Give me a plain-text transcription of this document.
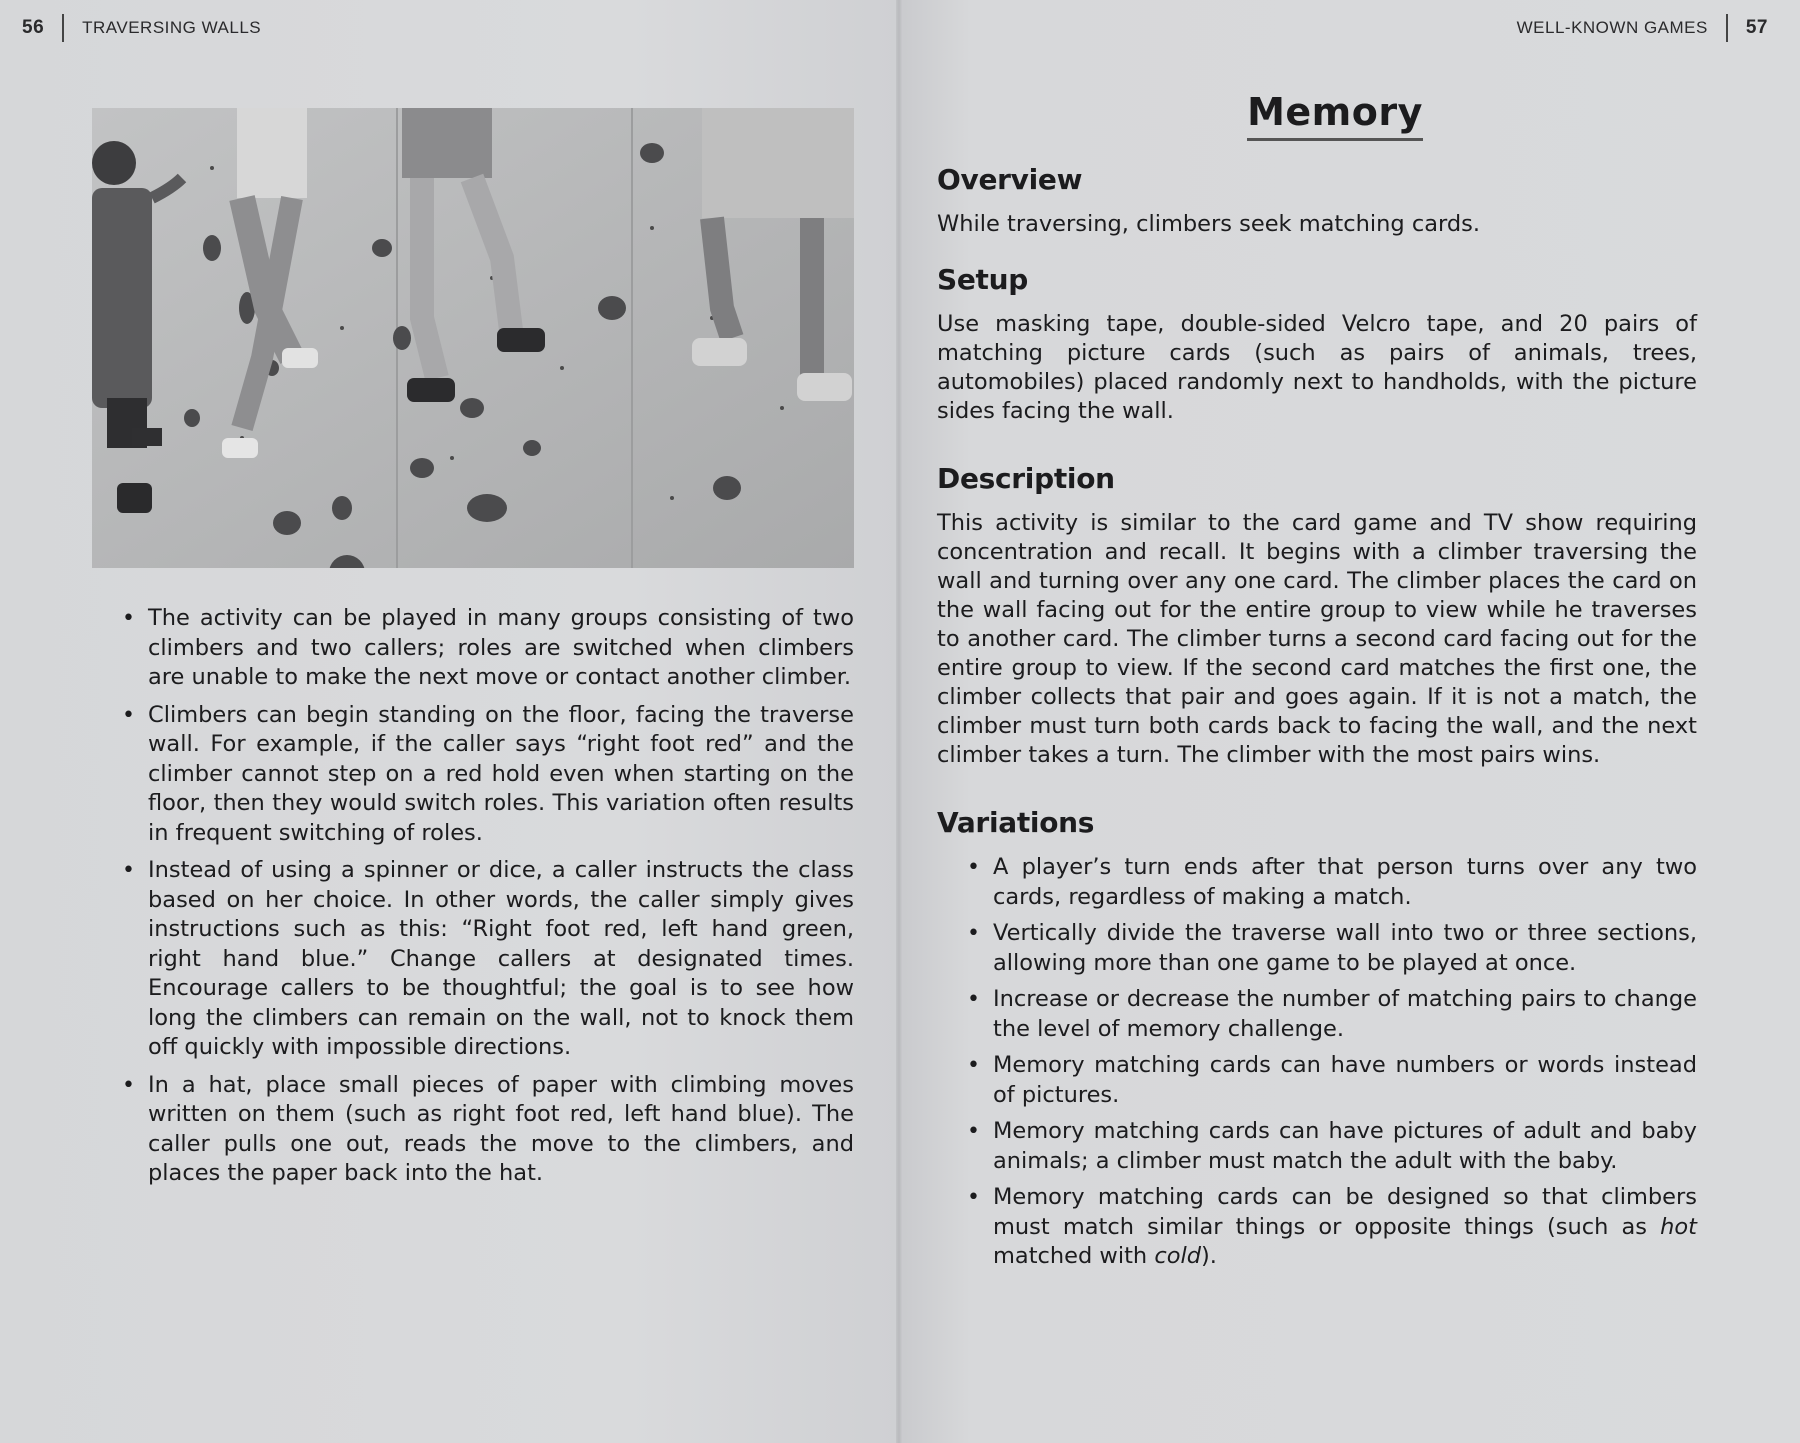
56 TRAVERSING WALLS	WELL-KNOWN GAMES 57
• The activity can be played in many groups consisting of two climbers and two callers; roles are switched when climbers are unable to make the next move or contact another climber.
• Climbers can begin standing on the floor, facing the traverse wall. For example, if the caller says “right foot red” and the climber cannot step on a red hold even when starting on the floor, then they would switch roles. This variation often results in frequent switching of roles.
• Instead of using a spinner or dice, a caller instructs the class based on her choice. In other words, the caller simply gives instructions such as this: “Right foot red, left hand green, right hand blue.” Change callers at designated times. Encourage callers to be thoughtful; the goal is to see how long the climbers can remain on the wall, not to knock them off quickly with impossible directions.
• In a hat, place small pieces of paper with climbing moves written on them (such as right foot red, left hand blue). The caller pulls one out, reads the move to the climbers, and places the paper back into the hat.
Memory
Overview

While traversing, climbers seek matching cards.

Setup

Use masking tape, double-sided Velcro tape, and 20 pairs of matching picture cards (such as pairs of animals, trees, automobiles) placed randomly next to handholds, with the picture sides facing the wall.

Description

This activity is similar to the card game and TV show requiring concentration and recall. It begins with a climber traversing the wall and turning over any one card. The climber places the card on the wall facing out for the entire group to view while he traverses to another card. The climber turns a second card facing out for the entire group to view. If the second card matches the first one, the climber collects that pair and goes again. If it is not a match, the climber must turn both cards back to facing the wall, and the next climber takes a turn. The climber with the most pairs wins.

Variations
• A player’s turn ends after that person turns over any two cards, regardless of making a match.
• Vertically divide the traverse wall into two or three sections, allowing more than one game to be played at once.
• Increase or decrease the number of matching pairs to change the level of memory challenge.
• Memory matching cards can have numbers or words instead of pictures.
• Memory matching cards can have pictures of adult and baby animals; a climber must match the adult with the baby.
• Memory matching cards can be designed so that climbers must match similar things or opposite things (such as hot matched with cold).
